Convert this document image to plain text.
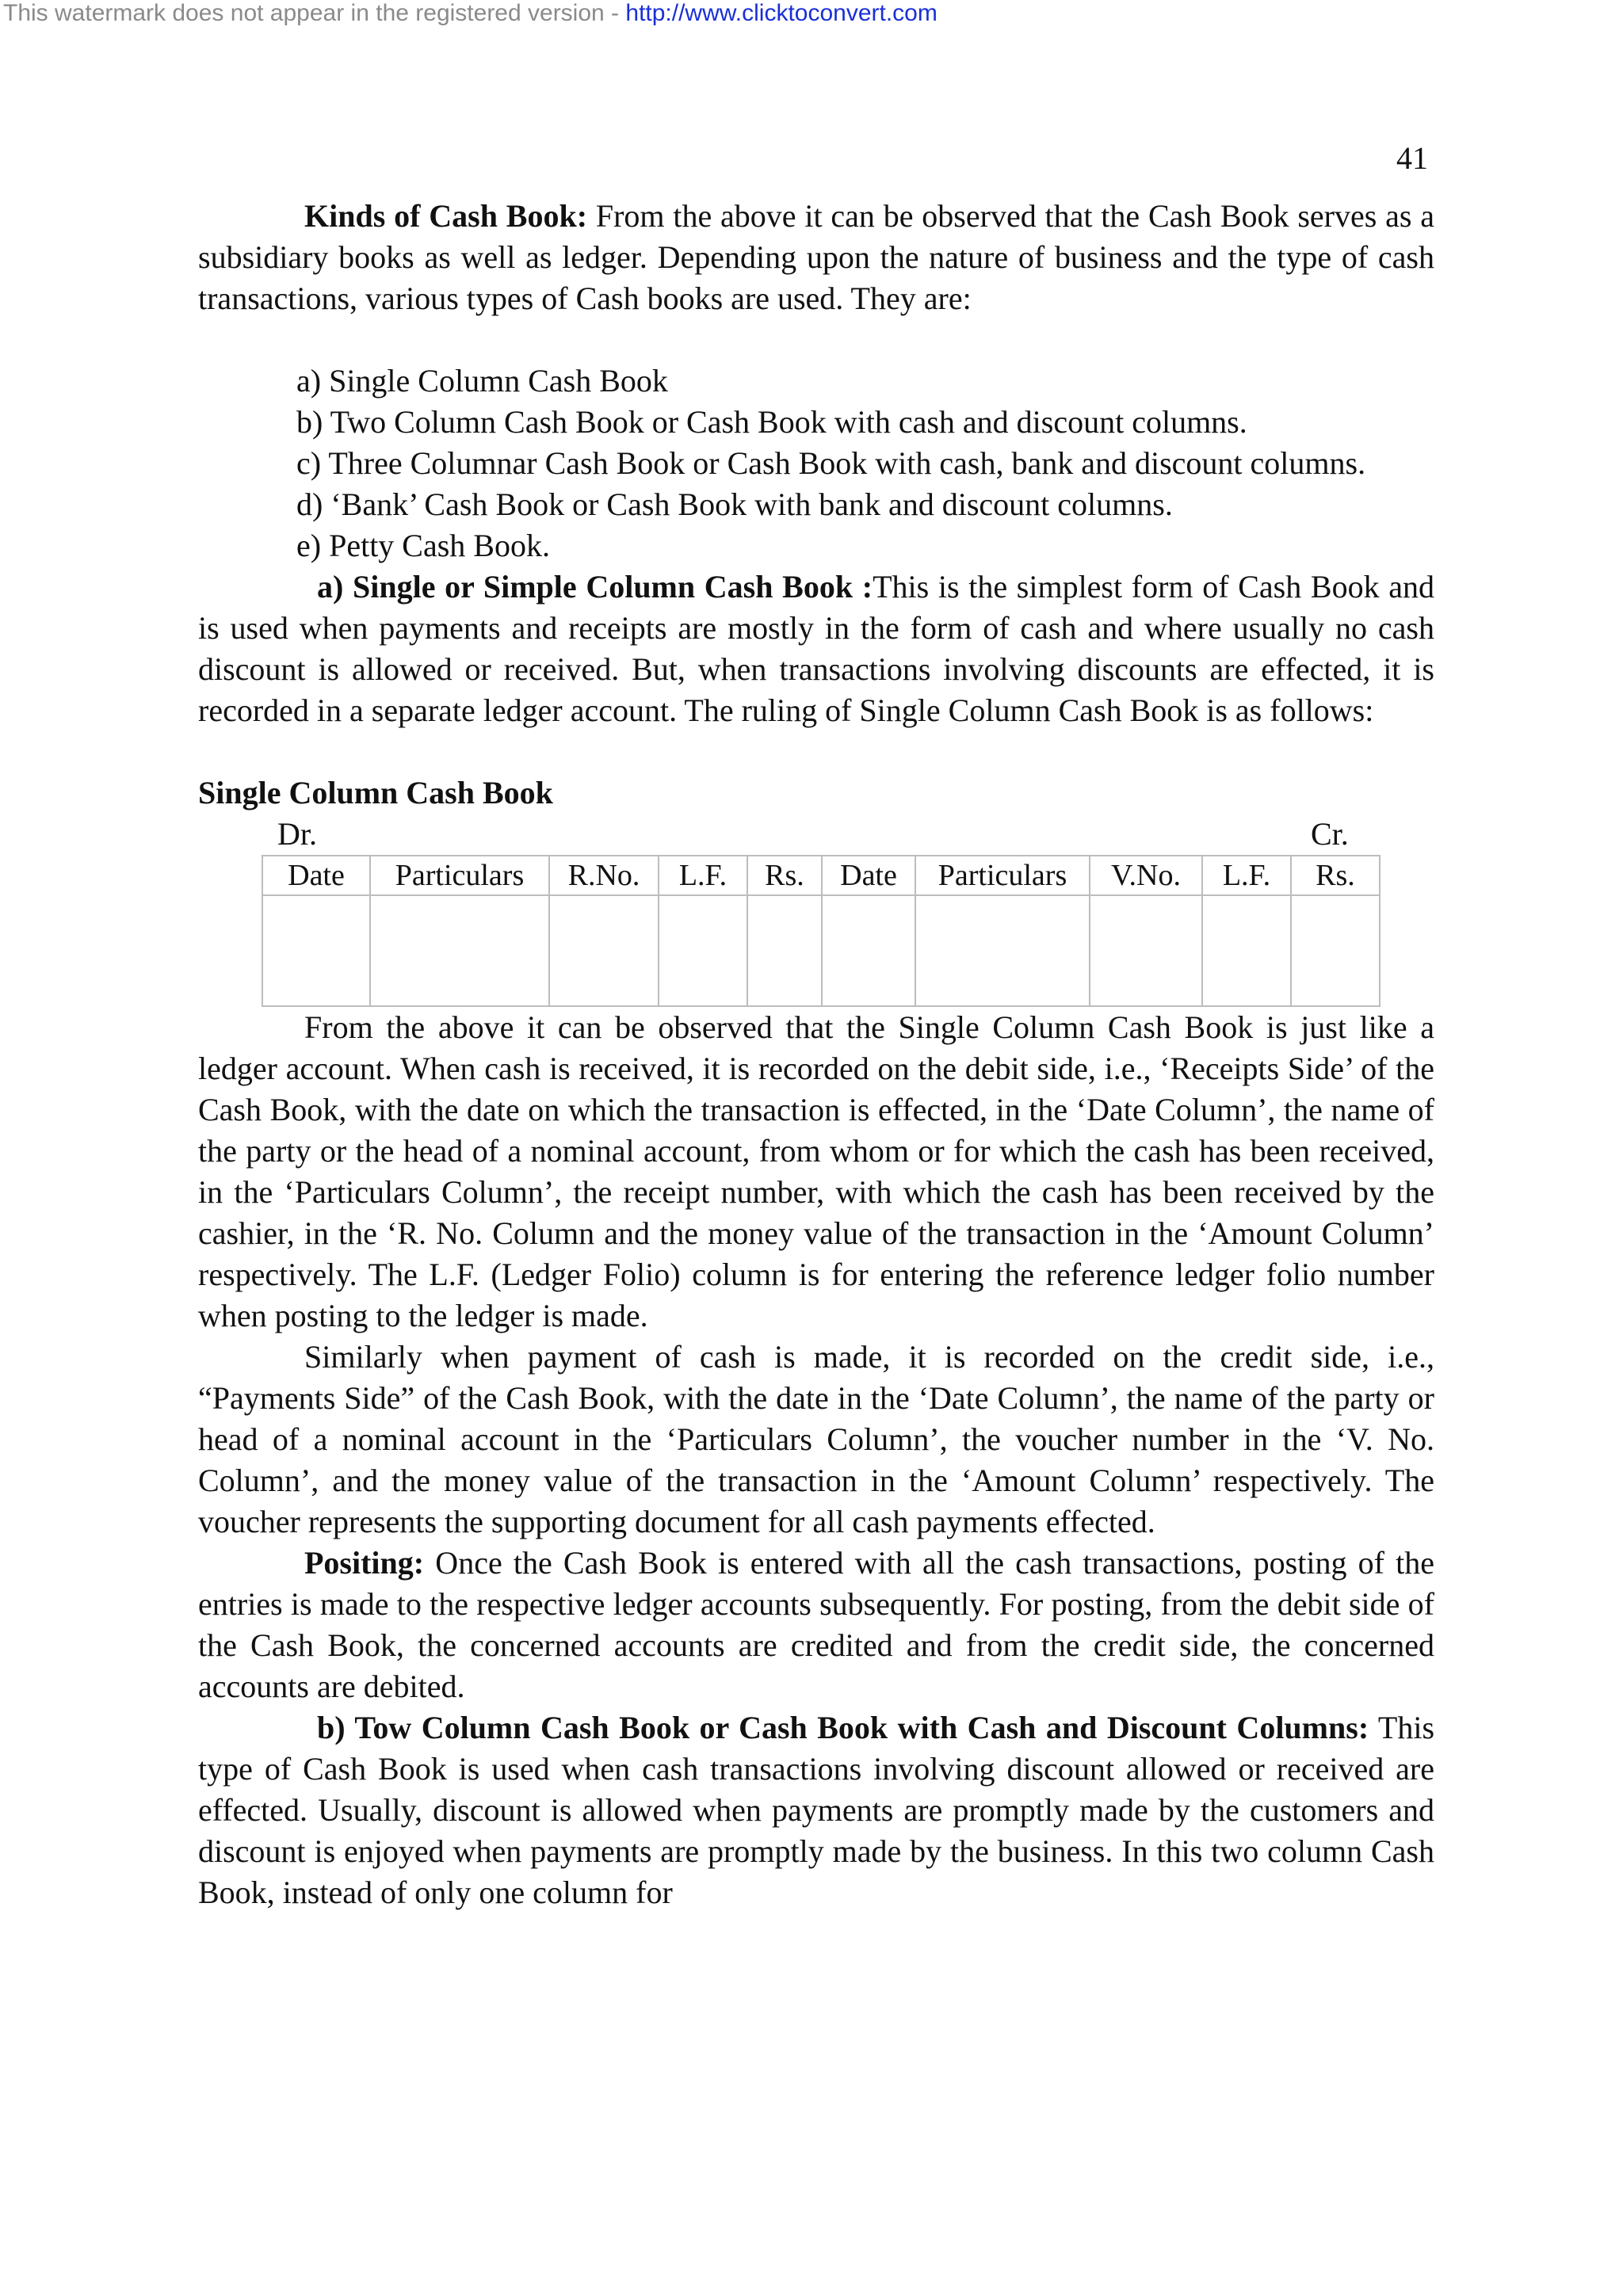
This watermark does not appear in the registered version - http://www.clicktoconvert.com
41

Kinds of Cash Book: From the above it can be observed that the Cash Book serves as a subsidiary books as well as ledger. Depending upon the nature of business and the type of cash transactions, various types of Cash books are used. They are:

a) Single Column Cash Book
b) Two Column Cash Book or Cash Book with cash and discount columns.
c) Three Columnar Cash Book or Cash Book with cash, bank and discount columns.
d) ‘Bank’ Cash Book or Cash Book with bank and discount columns.
e) Petty Cash Book.

a) Single or Simple Column Cash Book :This is the simplest form of Cash Book and is used when payments and receipts are mostly in the form of cash and where usually no cash discount is allowed or received. But, when transactions involving discounts are effected, it is recorded in a separate ledger account. The ruling of Single Column Cash Book is as follows:

Single Column Cash Book

Dr.	Cr.
Date	Particulars	R.No.	L.F.	Rs.	Date	Particulars	V.No.	L.F.	Rs.

From the above it can be observed that the Single Column Cash Book is just like a ledger account. When cash is received, it is recorded on the debit side, i.e., ‘Receipts Side’ of the Cash Book, with the date on which the transaction is effected, in the ‘Date Column’, the name of the party or the head of a nominal account, from whom or for which the cash has been received, in the ‘Particulars Column’, the receipt number, with which the cash has been received by the cashier, in the ‘R. No. Column and the money value of the transaction in the ‘Amount Column’ respectively. The L.F. (Ledger Folio) column is for entering the reference ledger folio number when posting to the ledger is made.

Similarly when payment of cash is made, it is recorded on the credit side, i.e., “Payments Side” of the Cash Book, with the date in the ‘Date Column’, the name of the party or head of a nominal account in the ‘Particulars Column’, the voucher number in the ‘V. No. Column’, and the money value of the transaction in the ‘Amount Column’ respectively. The voucher represents the supporting document for all cash payments effected.

Positing: Once the Cash Book is entered with all the cash transactions, posting of the entries is made to the respective ledger accounts subsequently. For posting, from the debit side of the Cash Book, the concerned accounts are credited and from the credit side, the concerned accounts are debited.

b) Tow Column Cash Book or Cash Book with Cash and Discount Columns: This type of Cash Book is used when cash transactions involving discount allowed or received are effected. Usually, discount is allowed when payments are promptly made by the customers and discount is enjoyed when payments are promptly made by the business. In this two column Cash Book, instead of only one column for
